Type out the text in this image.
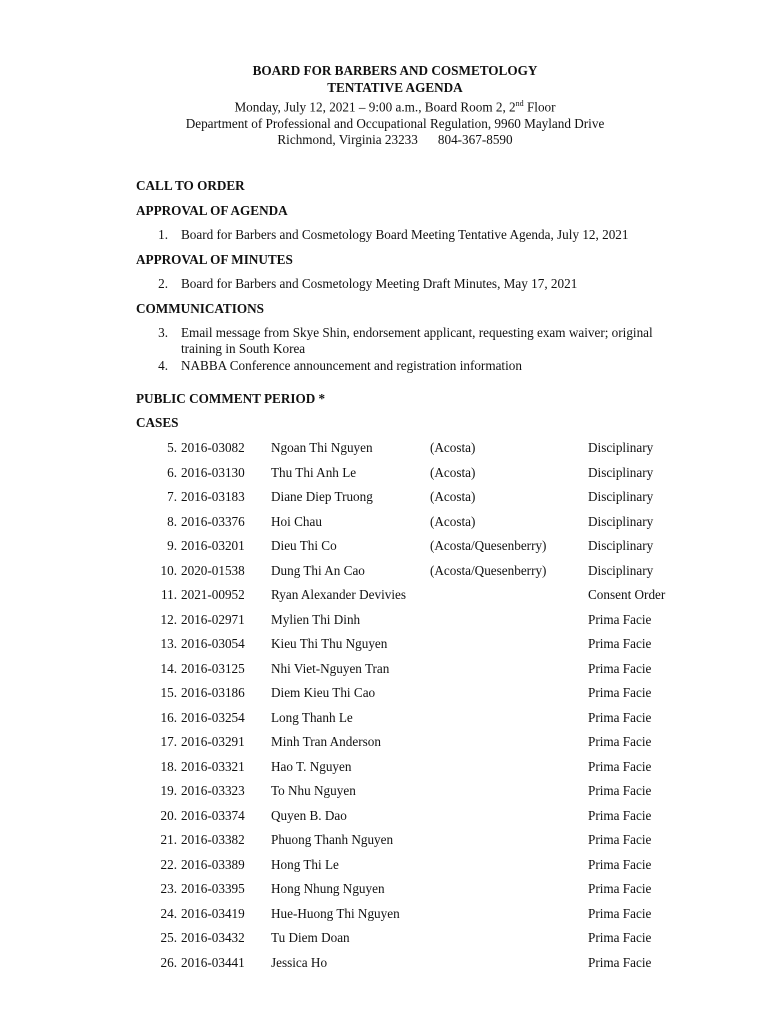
BOARD FOR BARBERS AND COSMETOLOGY
TENTATIVE AGENDA
Monday, July 12, 2021 – 9:00 a.m., Board Room 2, 2nd Floor
Department of Professional and Occupational Regulation, 9960 Mayland Drive
Richmond, Virginia 23233 804-367-8590
CALL TO ORDER
APPROVAL OF AGENDA
1. Board for Barbers and Cosmetology Board Meeting Tentative Agenda, July 12, 2021
APPROVAL OF MINUTES
2. Board for Barbers and Cosmetology Meeting Draft Minutes, May 17, 2021
COMMUNICATIONS
3. Email message from Skye Shin, endorsement applicant, requesting exam waiver; original training in South Korea
4. NABBA Conference announcement and registration information
PUBLIC COMMENT PERIOD *
CASES
5. 2016-03082 Ngoan Thi Nguyen	(Acosta)	Disciplinary
6. 2016-03130 Thu Thi Anh Le	(Acosta)	Disciplinary
7. 2016-03183 Diane Diep Truong	(Acosta)	Disciplinary
8. 2016-03376 Hoi Chau	(Acosta)	Disciplinary
9. 2016-03201 Dieu Thi Co	(Acosta/Quesenberry)	Disciplinary
10. 2020-01538 Dung Thi An Cao	(Acosta/Quesenberry)	Disciplinary
11. 2021-00952 Ryan Alexander Devivies	Consent Order
12. 2016-02971 Mylien Thi Dinh	Prima Facie
13. 2016-03054 Kieu Thi Thu Nguyen	Prima Facie
14. 2016-03125 Nhi Viet-Nguyen Tran	Prima Facie
15. 2016-03186 Diem Kieu Thi Cao	Prima Facie
16. 2016-03254 Long Thanh Le	Prima Facie
17. 2016-03291 Minh Tran Anderson	Prima Facie
18. 2016-03321 Hao T. Nguyen	Prima Facie
19. 2016-03323 To Nhu Nguyen	Prima Facie
20. 2016-03374 Quyen B. Dao	Prima Facie
21. 2016-03382 Phuong Thanh Nguyen	Prima Facie
22. 2016-03389 Hong Thi Le	Prima Facie
23. 2016-03395 Hong Nhung Nguyen	Prima Facie
24. 2016-03419 Hue-Huong Thi Nguyen	Prima Facie
25. 2016-03432 Tu Diem Doan	Prima Facie
26. 2016-03441 Jessica Ho	Prima Facie
